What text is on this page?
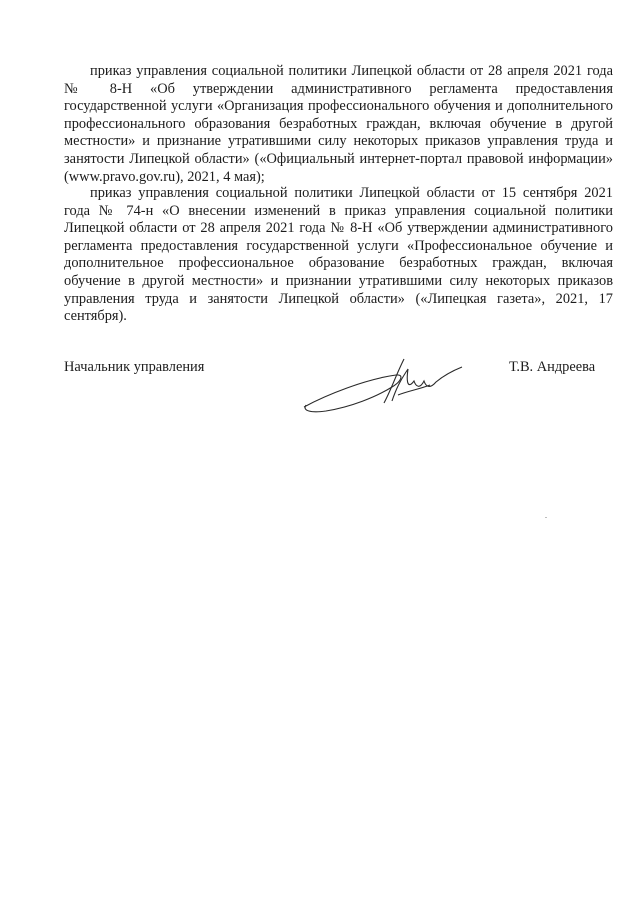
приказ управления социальной политики Липецкой области от 28 апреля 2021 года № 8-Н «Об утверждении административного регламента предоставления государственной услуги «Организация профессионального обучения и дополнительного профессионального образования безработных граждан, включая обучение в другой местности» и признание утратившими силу некоторых приказов управления труда и занятости Липецкой области» («Официальный интернет-портал правовой информации» (www.pravo.gov.ru), 2021, 4 мая);

приказ управления социальной политики Липецкой области от 15 сентября 2021 года № 74-н «О внесении изменений в приказ управления социальной политики Липецкой области от 28 апреля 2021 года № 8-Н «Об утверждении административного регламента предоставления государственной услуги «Профессиональное обучение и дополнительное профессиональное образование безработных граждан, включая обучение в другой местности» и признании утратившими силу некоторых приказов управления труда и занятости Липецкой области» («Липецкая газета», 2021, 17 сентября).

Начальник управления	Т.В. Андреева
